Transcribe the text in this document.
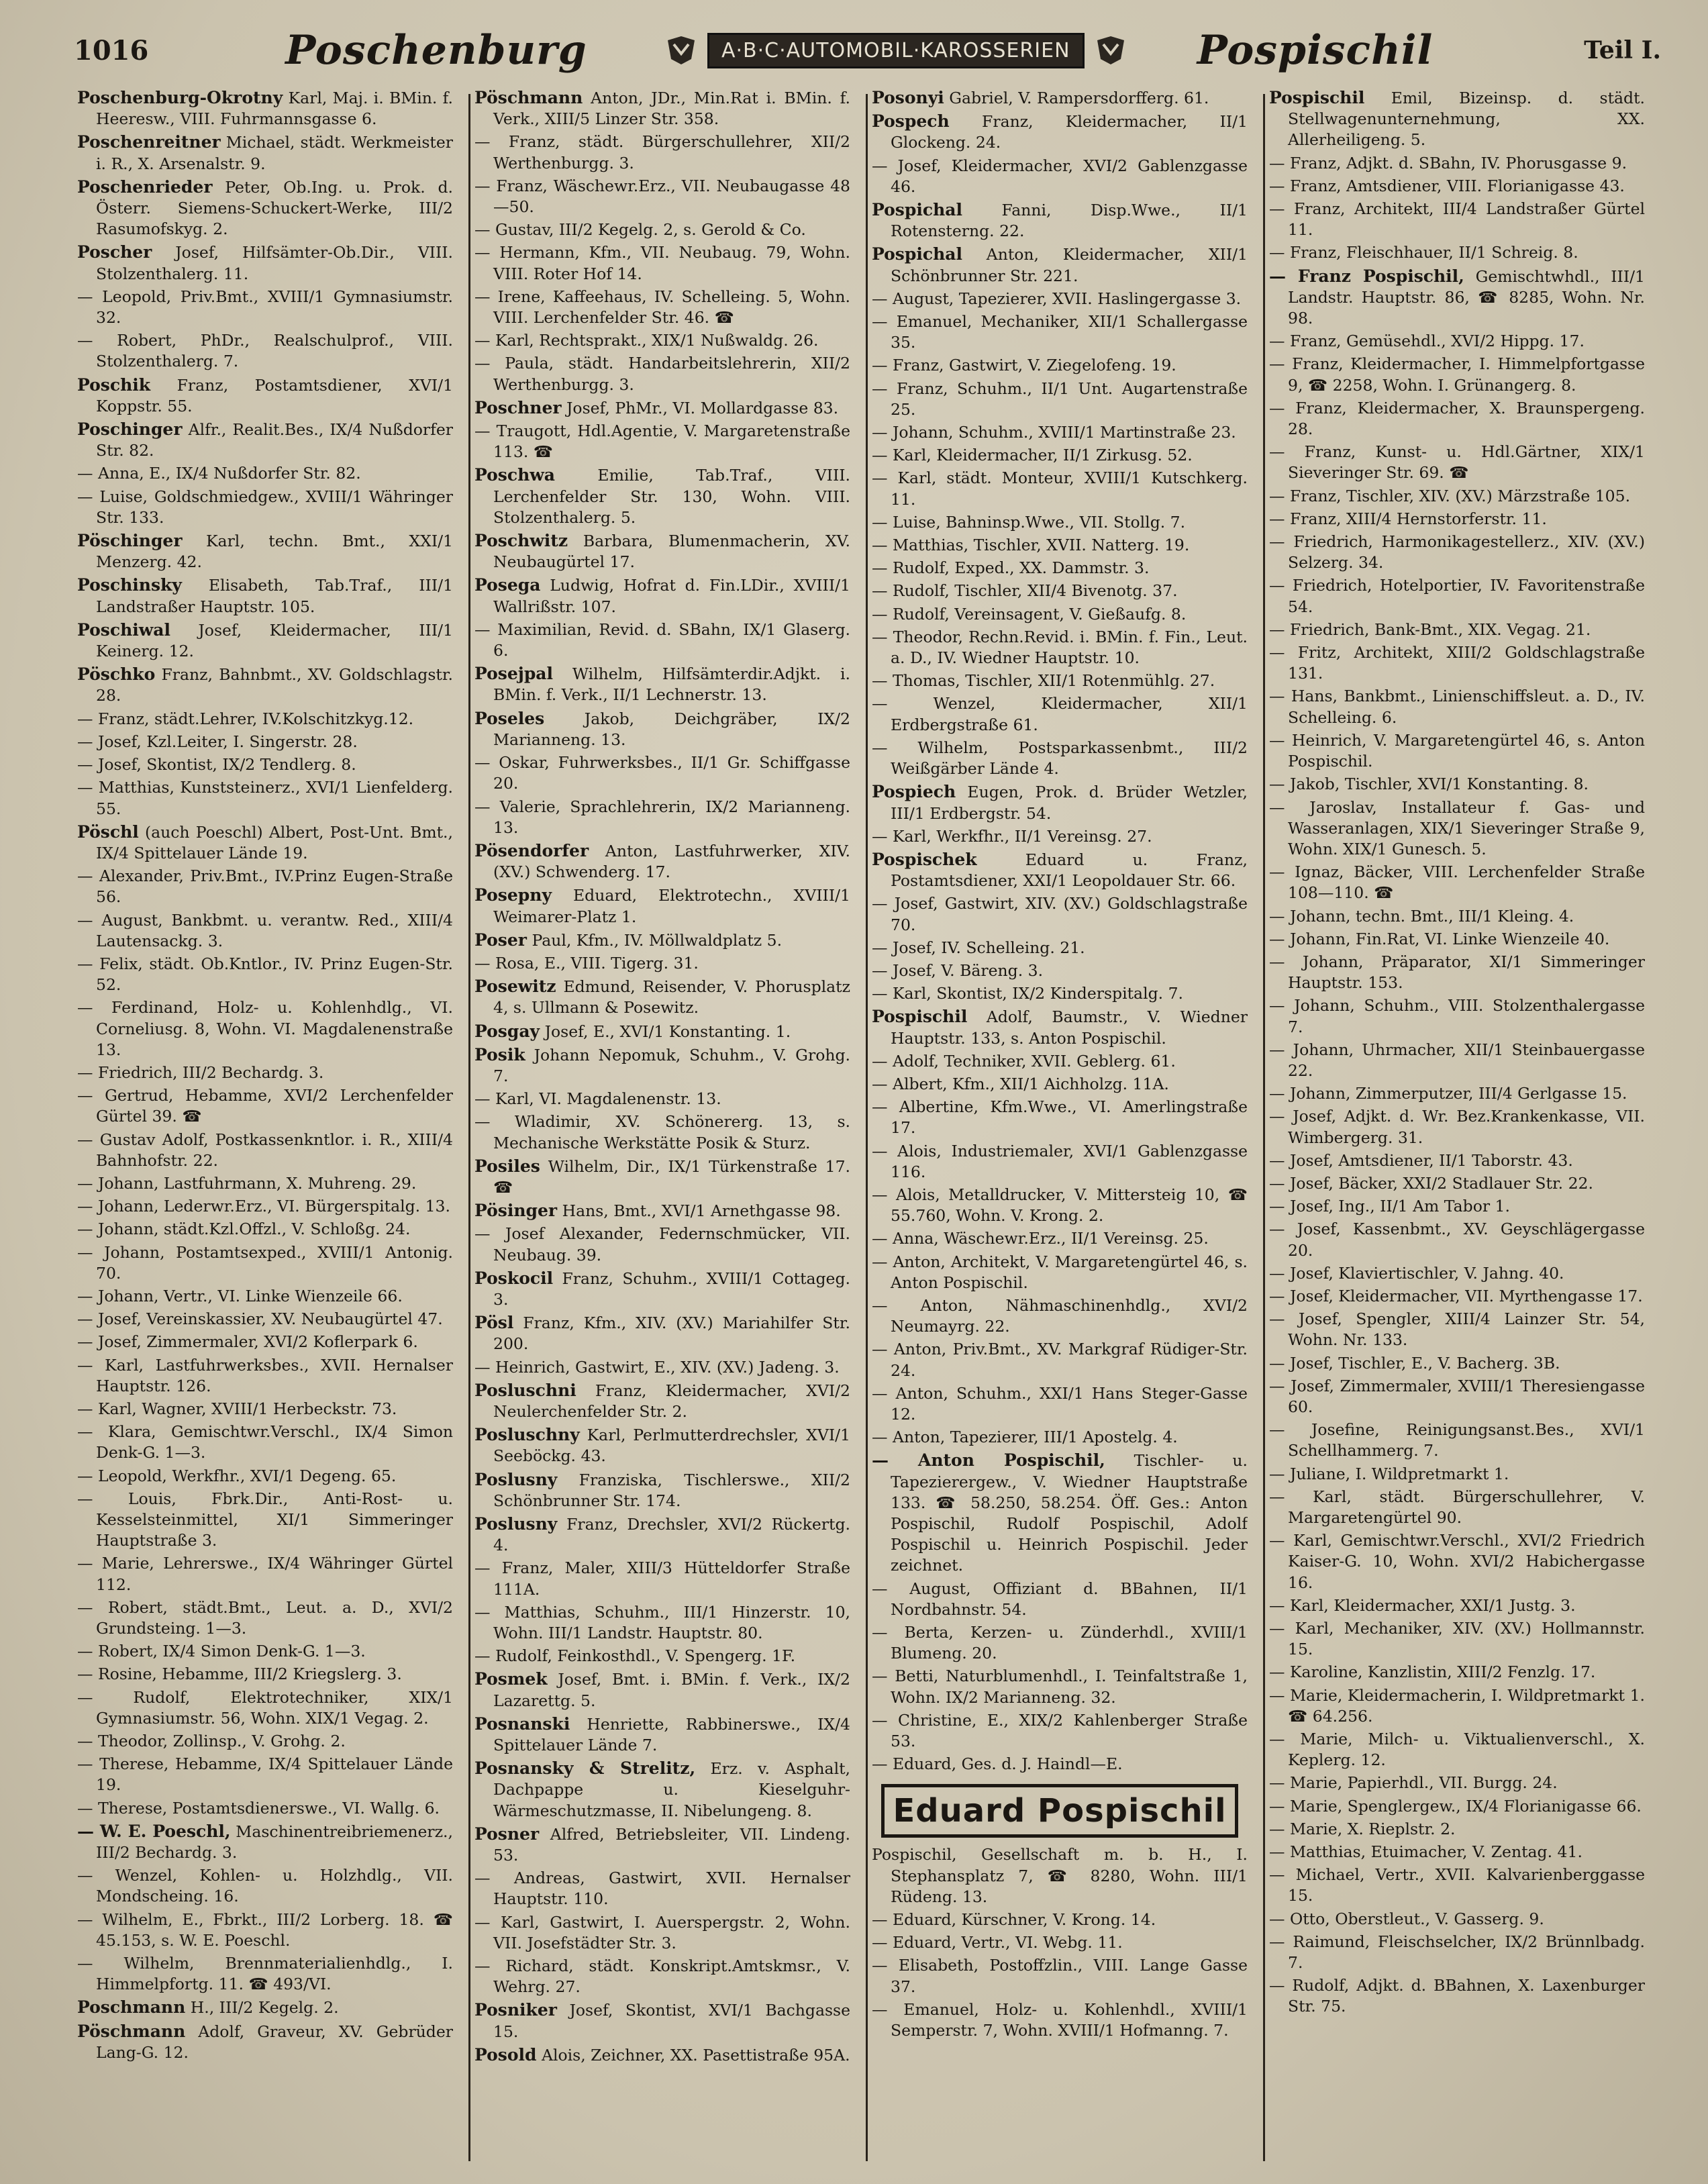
1016	Poschenburg	A·B·C·AUTOMOBIL·KAROSSERIEN	Pospischil	Teil I.

Poschenburg-Okrotny Karl, Maj. i. BMin. f. Heeresw., VIII. Fuhrmannsgasse 6.

Poschenreitner Michael, städt. Werkmeister i. R., X. Arsenalstr. 9.

Poschenrieder Peter, Ob.Ing. u. Prok. d. Österr. Siemens-Schuckert-Werke, III/2 Rasumofskyg. 2.

Poscher Josef, Hilfsämter-Ob.Dir., VIII. Stolzenthalerg. 11.

— Leopold, Priv.Bmt., XVIII/1 Gymnasiumstr. 32.

— Robert, PhDr., Realschulprof., VIII. Stolzenthalerg. 7.

Poschik Franz, Postamtsdiener, XVI/1 Koppstr. 55.

Poschinger Alfr., Realit.Bes., IX/4 Nußdorfer Str. 82.

— Anna, E., IX/4 Nußdorfer Str. 82.

— Luise, Goldschmiedgew., XVIII/1 Währinger Str. 133.

Pöschinger Karl, techn. Bmt., XXI/1 Menzerg. 42.

Poschinsky Elisabeth, Tab.Traf., III/1 Landstraßer Hauptstr. 105.

Poschiwal Josef, Kleidermacher, III/1 Keinerg. 12.

Pöschko Franz, Bahnbmt., XV. Goldschlagstr. 28.

— Franz, städt.Lehrer, IV.Kolschitzkyg.12.

— Josef, Kzl.Leiter, I. Singerstr. 28.

— Josef, Skontist, IX/2 Tendlerg. 8.

— Matthias, Kunststeinerz., XVI/1 Lienfelderg. 55.

Pöschl (auch Poeschl) Albert, Post-Unt. Bmt., IX/4 Spittelauer Lände 19.

— Alexander, Priv.Bmt., IV.Prinz Eugen-Straße 56.

— August, Bankbmt. u. verantw. Red., XIII/4 Lautensackg. 3.

— Felix, städt. Ob.Kntlor., IV. Prinz Eugen-Str. 52.

— Ferdinand, Holz- u. Kohlenhdlg., VI. Corneliusg. 8, Wohn. VI. Magdalenenstraße 13.

— Friedrich, III/2 Bechardg. 3.

— Gertrud, Hebamme, XVI/2 Lerchenfelder Gürtel 39. ☎

— Gustav Adolf, Postkassenkntlor. i. R., XIII/4 Bahnhofstr. 22.

— Johann, Lastfuhrmann, X. Muhreng. 29.

— Johann, Lederwr.Erz., VI. Bürgerspitalg. 13.

— Johann, städt.Kzl.Offzl., V. Schloßg. 24.

— Johann, Postamtsexped., XVIII/1 Antonig. 70.

— Johann, Vertr., VI. Linke Wienzeile 66.

— Josef, Vereinskassier, XV. Neubaugürtel 47.

— Josef, Zimmermaler, XVI/2 Koflerpark 6.

— Karl, Lastfuhrwerksbes., XVII. Hernalser Hauptstr. 126.

— Karl, Wagner, XVIII/1 Herbeckstr. 73.

— Klara, Gemischtwr.Verschl., IX/4 Simon Denk-G. 1—3.

— Leopold, Werkfhr., XVI/1 Degeng. 65.

— Louis, Fbrk.Dir., Anti-Rost- u. Kesselsteinmittel, XI/1 Simmeringer Hauptstraße 3.

— Marie, Lehrerswe., IX/4 Währinger Gürtel 112.

— Robert, städt.Bmt., Leut. a. D., XVI/2 Grundsteing. 1—3.

— Robert, IX/4 Simon Denk-G. 1—3.

— Rosine, Hebamme, III/2 Kriegslerg. 3.

— Rudolf, Elektrotechniker, XIX/1 Gymnasiumstr. 56, Wohn. XIX/1 Vegag. 2.

— Theodor, Zollinsp., V. Grohg. 2.

— Therese, Hebamme, IX/4 Spittelauer Lände 19.

— Therese, Postamtsdienerswe., VI. Wallg. 6.

— W. E. Poeschl, Maschinentreibriemenerz., III/2 Bechardg. 3.

— Wenzel, Kohlen- u. Holzhdlg., VII. Mondscheing. 16.

— Wilhelm, E., Fbrkt., III/2 Lorberg. 18. ☎ 45.153, s. W. E. Poeschl.

— Wilhelm, Brennmaterialienhdlg., I. Himmelpfortg. 11. ☎ 493/VI.

Poschmann H., III/2 Kegelg. 2.

Pöschmann Adolf, Graveur, XV. Gebrüder Lang-G. 12.

Pöschmann Anton, JDr., Min.Rat i. BMin. f. Verk., XIII/5 Linzer Str. 358.

— Franz, städt. Bürgerschullehrer, XII/2 Werthenburgg. 3.

— Franz, Wäschewr.Erz., VII. Neubaugasse 48—50.

— Gustav, III/2 Kegelg. 2, s. Gerold & Co.

— Hermann, Kfm., VII. Neubaug. 79, Wohn. VIII. Roter Hof 14.

— Irene, Kaffeehaus, IV. Schelleing. 5, Wohn. VIII. Lerchenfelder Str. 46. ☎

— Karl, Rechtsprakt., XIX/1 Nußwaldg. 26.

— Paula, städt. Handarbeitslehrerin, XII/2 Werthenburgg. 3.

Poschner Josef, PhMr., VI. Mollardgasse 83.

— Traugott, Hdl.Agentie, V. Margaretenstraße 113. ☎

Poschwa	Emilie, Tab.Traf., VIII. Lerchenfelder Str. 130, Wohn. VIII. Stolzenthalerg. 5.

Poschwitz Barbara, Blumenmacherin, XV. Neubaugürtel 17.

Posega Ludwig, Hofrat d. Fin.LDir., XVIII/1 Wallrißstr. 107.

— Maximilian, Revid. d. SBahn, IX/1 Glaserg. 6.

Posejpal Wilhelm, Hilfsämterdir.Adjkt. i. BMin. f. Verk., II/1 Lechnerstr. 13.

Poseles	Jakob, Deichgräber, IX/2 Marianneng. 13.

— Oskar, Fuhrwerksbes., II/1 Gr. Schiffgasse 20.

— Valerie, Sprachlehrerin, IX/2 Marianneng. 13.

Pösendorfer Anton, Lastfuhrwerker, XIV. (XV.) Schwenderg. 17.

Posepny Eduard, Elektrotechn., XVIII/1 Weimarer-Platz 1.

Poser Paul, Kfm., IV. Möllwaldplatz 5.

— Rosa, E., VIII. Tigerg. 31.

Posewitz Edmund, Reisender, V. Phorusplatz 4, s. Ullmann & Posewitz.

Posgay Josef, E., XVI/1 Konstanting. 1.

Posik Johann Nepomuk, Schuhm., V. Grohg. 7.

— Karl, VI. Magdalenenstr. 13.

— Wladimir, XV. Schönererg. 13, s. Mechanische Werkstätte Posik & Sturz.

Posiles Wilhelm, Dir., IX/1 Türkenstraße 17. ☎

Pösinger Hans, Bmt., XVI/1 Arnethgasse 98.

— Josef Alexander, Federnschmücker, VII. Neubaug. 39.

Poskocil Franz, Schuhm., XVIII/1 Cottageg. 3.

Pösl Franz, Kfm., XIV. (XV.) Mariahilfer Str. 200.

— Heinrich, Gastwirt, E., XIV. (XV.) Jadeng. 3.

Posluschni Franz, Kleidermacher, XVI/2 Neulerchenfelder Str. 2.

Posluschny Karl, Perlmutterdrechsler, XVI/1 Seeböckg. 43.

Poslusny Franziska, Tischlerswe., XII/2 Schönbrunner Str. 174.

Poslusny Franz, Drechsler, XVI/2 Rückertg. 4.

— Franz, Maler, XIII/3 Hütteldorfer Straße 111A.

— Matthias, Schuhm., III/1 Hinzerstr. 10, Wohn. III/1 Landstr. Hauptstr. 80.

— Rudolf, Feinkosthdl., V. Spengerg. 1F.

Posmek Josef, Bmt. i. BMin. f. Verk., IX/2 Lazarettg. 5.

Posnanski Henriette, Rabbinerswe., IX/4 Spittelauer Lände 7.

Posnansky & Strelitz, Erz. v. Asphalt, Dachpappe u. Kieselguhr-Wärmeschutzmasse, II. Nibelungeng. 8.

Posner Alfred, Betriebsleiter, VII. Lindeng. 53.

— Andreas, Gastwirt, XVII. Hernalser Hauptstr. 110.

— Karl, Gastwirt, I. Auerspergstr. 2, Wohn. VII. Josefstädter Str. 3.

— Richard, städt. Konskript.Amtskmsr., V. Wehrg. 27.

Posniker Josef, Skontist, XVI/1 Bachgasse 15.

Posold Alois, Zeichner, XX. Pasettistraße 95A.

Posonyi Gabriel, V. Rampersdorfferg. 61.

Pospech Franz, Kleidermacher, II/1 Glockeng. 24.

— Josef, Kleidermacher, XVI/2 Gablenzgasse 46.

Pospichal Fanni, Disp.Wwe., II/1 Rotensterng. 22.

Pospichal Anton, Kleidermacher, XII/1 Schönbrunner Str. 221.

— August, Tapezierer, XVII. Haslingergasse 3.

— Emanuel, Mechaniker, XII/1 Schallergasse 35.

— Franz, Gastwirt, V. Ziegelofeng. 19.

— Franz, Schuhm., II/1 Unt. Augartenstraße 25.

— Johann, Schuhm., XVIII/1 Martinstraße 23.

— Karl, Kleidermacher, II/1 Zirkusg. 52.

— Karl, städt. Monteur, XVIII/1 Kutschkerg. 11.

— Luise, Bahninsp.Wwe., VII. Stollg. 7.

— Matthias, Tischler, XVII. Natterg. 19.

— Rudolf, Exped., XX. Dammstr. 3.

— Rudolf, Tischler, XII/4 Bivenotg. 37.

— Rudolf, Vereinsagent, V. Gießaufg. 8.

— Theodor, Rechn.Revid. i. BMin. f. Fin., Leut. a. D., IV. Wiedner Hauptstr. 10.

— Thomas, Tischler, XII/1 Rotenmühlg. 27.

— Wenzel, Kleidermacher, XII/1 Erdbergstraße 61.

— Wilhelm, Postsparkassenbmt., III/2 Weißgärber Lände 4.

Pospiech Eugen, Prok. d. Brüder Wetzler, III/1 Erdbergstr. 54.

— Karl, Werkfhr., II/1 Vereinsg. 27.

Pospischek	Eduard u. Franz, Postamtsdiener, XXI/1 Leopoldauer Str. 66.

— Josef, Gastwirt, XIV. (XV.) Goldschlagstraße 70.

— Josef, IV. Schelleing. 21.

— Josef, V. Bäreng. 3.

— Karl, Skontist, IX/2 Kinderspitalg. 7.

Pospischil Adolf, Baumstr., V. Wiedner Hauptstr. 133, s. Anton Pospischil.

— Adolf, Techniker, XVII. Geblerg. 61.

— Albert, Kfm., XII/1 Aichholzg. 11A.

— Albertine, Kfm.Wwe., VI. Amerlingstraße 17.

— Alois, Industriemaler, XVI/1 Gablenzgasse 116.

— Alois, Metalldrucker, V. Mittersteig 10, ☎ 55.760, Wohn. V. Krong. 2.

— Anna, Wäschewr.Erz., II/1 Vereinsg. 25.

— Anton, Architekt, V. Margaretengürtel 46, s. Anton Pospischil.

— Anton, Nähmaschinenhdlg., XVI/2 Neumayrg. 22.

— Anton, Priv.Bmt., XV. Markgraf Rüdiger-Str. 24.

— Anton, Schuhm., XXI/1 Hans Steger-Gasse 12.

— Anton, Tapezierer, III/1 Apostelg. 4.

— Anton Pospischil, Tischler- u. Tapezierergew., V. Wiedner Hauptstraße 133. ☎ 58.250, 58.254. Öff. Ges.: Anton Pospischil, Rudolf Pospischil, Adolf Pospischil u. Heinrich Pospischil. Jeder zeichnet.

— August, Offiziant d. BBahnen, II/1 Nordbahnstr. 54.

— Berta, Kerzen- u. Zünderhdl., XVIII/1 Blumeng. 20.

— Betti, Naturblumenhdl., I. Teinfaltstraße 1, Wohn. IX/2 Marianneng. 32.

— Christine, E., XIX/2 Kahlenberger Straße 53.

— Eduard, Ges. d. J. Haindl—E.

Eduard Pospischil

Pospischil, Gesellschaft m. b. H., I. Stephansplatz 7, ☎ 8280, Wohn. III/1 Rüdeng. 13.

— Eduard, Kürschner, V. Krong. 14.

— Eduard, Vertr., VI. Webg. 11.

— Elisabeth, Postoffzlin., VIII. Lange Gasse 37.

— Emanuel, Holz- u. Kohlenhdl., XVIII/1 Semperstr. 7, Wohn. XVIII/1 Hofmanng. 7.

Pospischil Emil, Bizeinsp. d. städt. Stellwagenunternehmung, XX. Allerheiligeng. 5.

— Franz, Adjkt. d. SBahn, IV. Phorusgasse 9.

— Franz, Amtsdiener, VIII. Florianigasse 43.

— Franz, Architekt, III/4 Landstraßer Gürtel 11.

— Franz, Fleischhauer, II/1 Schreig. 8.

— Franz Pospischil, Gemischtwhdl., III/1 Landstr. Hauptstr. 86, ☎ 8285, Wohn. Nr. 98.

— Franz, Gemüsehdl., XVI/2 Hippg. 17.

— Franz, Kleidermacher, I. Himmelpfortgasse 9, ☎ 2258, Wohn. I. Grünangerg. 8.

— Franz, Kleidermacher, X. Braunspergeng. 28.

— Franz, Kunst- u. Hdl.Gärtner, XIX/1 Sieveringer Str. 69. ☎

— Franz, Tischler, XIV. (XV.) Märzstraße 105.

— Franz, XIII/4 Hernstorferstr. 11.

— Friedrich, Harmonikagestellerz., XIV. (XV.) Selzerg. 34.

— Friedrich, Hotelportier, IV. Favoritenstraße 54.

— Friedrich, Bank-Bmt., XIX. Vegag. 21.

— Fritz, Architekt, XIII/2 Goldschlagstraße 131.

— Hans, Bankbmt., Linienschiffsleut. a. D., IV. Schelleing. 6.

— Heinrich, V. Margaretengürtel 46, s. Anton Pospischil.

— Jakob, Tischler, XVI/1 Konstanting. 8.

— Jaroslav, Installateur f. Gas- und Wasseranlagen, XIX/1 Sieveringer Straße 9, Wohn. XIX/1 Gunesch. 5.

— Ignaz, Bäcker, VIII. Lerchenfelder Straße 108—110. ☎

— Johann, techn. Bmt., III/1 Kleing. 4.

— Johann, Fin.Rat, VI. Linke Wienzeile 40.

— Johann, Präparator, XI/1 Simmeringer Hauptstr. 153.

— Johann, Schuhm., VIII. Stolzenthalergasse 7.

— Johann, Uhrmacher, XII/1 Steinbauergasse 22.

— Johann, Zimmerputzer, III/4 Gerlgasse 15.

— Josef, Adjkt. d. Wr. Bez.Krankenkasse, VII. Wimbergerg. 31.

— Josef, Amtsdiener, II/1 Taborstr. 43.

— Josef, Bäcker, XXI/2 Stadlauer Str. 22.

— Josef, Ing., II/1 Am Tabor 1.

— Josef, Kassenbmt., XV. Geyschlägergasse 20.

— Josef, Klaviertischler, V. Jahng. 40.

— Josef, Kleidermacher, VII. Myrthengasse 17.

— Josef, Spengler, XIII/4 Lainzer Str. 54, Wohn. Nr. 133.

— Josef, Tischler, E., V. Bacherg. 3B.

— Josef, Zimmermaler, XVIII/1 Theresiengasse 60.

— Josefine, Reinigungsanst.Bes., XVI/1 Schellhammerg. 7.

— Juliane, I. Wildpretmarkt 1.

— Karl, städt. Bürgerschullehrer, V. Margaretengürtel 90.

— Karl, Gemischtwr.Verschl., XVI/2 Friedrich Kaiser-G. 10, Wohn. XVI/2 Habichergasse 16.

— Karl, Kleidermacher, XXI/1 Justg. 3.

— Karl, Mechaniker, XIV. (XV.) Hollmannstr. 15.

— Karoline, Kanzlistin, XIII/2 Fenzlg. 17.

— Marie, Kleidermacherin, I. Wildpretmarkt 1. ☎ 64.256.

— Marie, Milch- u. Viktualienverschl., X. Keplerg. 12.

— Marie, Papierhdl., VII. Burgg. 24.

— Marie, Spenglergew., IX/4 Florianigasse 66.

— Marie, X. Rieplstr. 2.

— Matthias, Etuimacher, V. Zentag. 41.

— Michael, Vertr., XVII. Kalvarienberggasse 15.

— Otto, Oberstleut., V. Gasserg. 9.

— Raimund, Fleischselcher, IX/2 Brünnlbadg. 7.

— Rudolf, Adjkt. d. BBahnen, X. Laxenburger Str. 75.
